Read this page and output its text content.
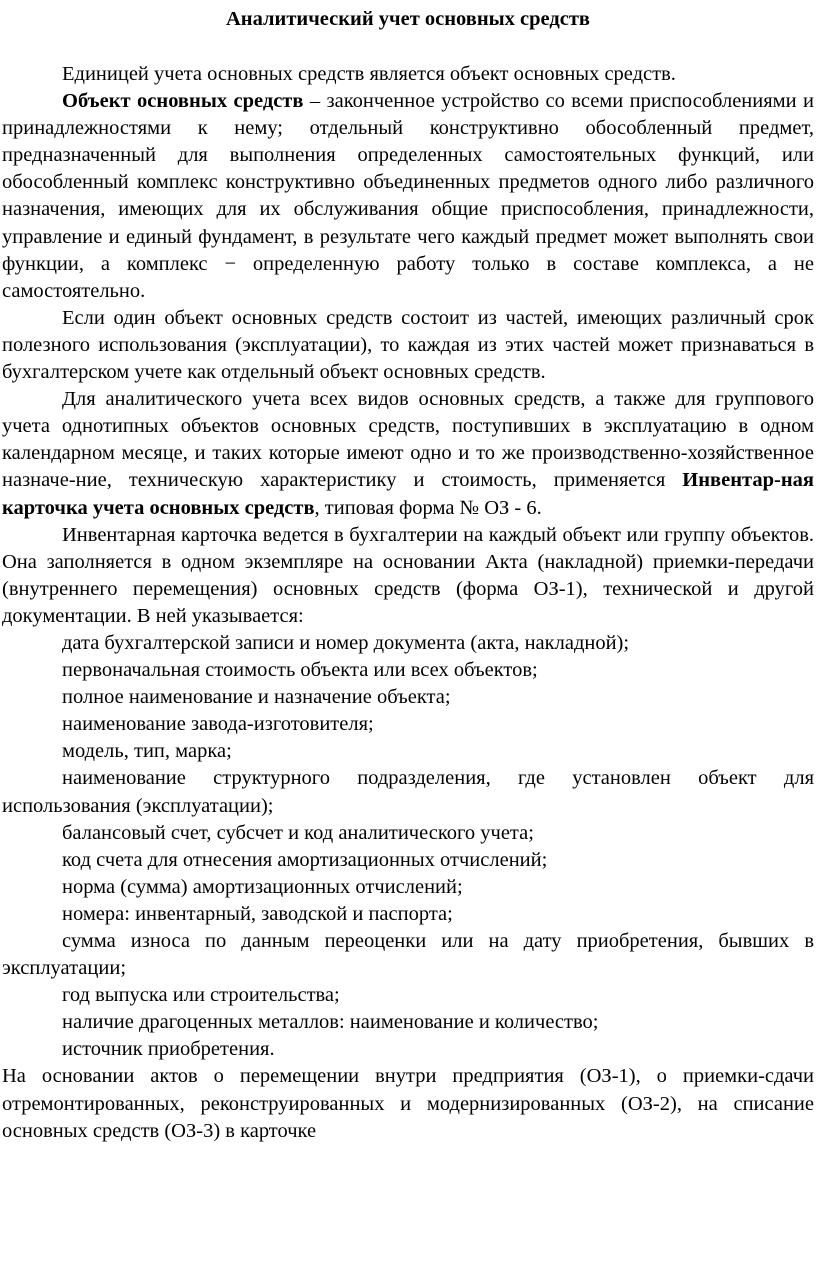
Аналитический учет основных средств

Единицей учета основных средств является объект основных средств.

Объект основных средств – законченное устройство со всеми приспособлениями и принадлежностями к нему; отдельный конструктивно обособленный предмет, предназначенный для выполнения определенных самостоятельных функций, или обособленный комплекс конструктивно объединенных предметов одного либо различного назначения, имеющих для их обслуживания общие приспособления, принадлежности, управление и единый фундамент, в результате чего каждый предмет может выполнять свои функции, а комплекс − определенную работу только в составе комплекса, а не самостоятельно.

Если один объект основных средств состоит из частей, имеющих различный срок полезного использования (эксплуатации), то каждая из этих частей может признаваться в бухгалтерском учете как отдельный объект основных средств.

Для аналитического учета всех видов основных средств, а также для группового учета однотипных объектов основных средств, поступивших в эксплуатацию в одном календарном месяце, и таких которые имеют одно и то же производственно-хозяйственное назначе-ние, техническую характеристику и стоимость, применяется Инвентар-ная карточка учета основных средств, типовая форма № ОЗ - 6.

Инвентарная карточка ведется в бухгалтерии на каждый объект или группу объектов. Она заполняется в одном экземпляре на основании Акта (накладной) приемки-передачи (внутреннего перемещения) основных средств (форма ОЗ-1), технической и другой документации. В ней указывается:

дата бухгалтерской записи и номер документа (акта, накладной);

первоначальная стоимость объекта или всех объектов;

полное наименование и назначение объекта;

наименование завода-изготовителя;

модель, тип, марка;

наименование структурного подразделения, где установлен объект для использования (эксплуатации);

балансовый счет, субсчет и код аналитического учета;

код счета для отнесения амортизационных отчислений;

норма (сумма) амортизационных отчислений;

номера: инвентарный, заводской и паспорта;

сумма износа по данным переоценки или на дату приобретения, бывших в эксплуатации;

год выпуска или строительства;

наличие драгоценных металлов: наименование и количество;

источник приобретения.

На основании актов о перемещении внутри предприятия (ОЗ-1), о приемки-сдачи отремонтированных, реконструированных и модернизированных (ОЗ-2), на списание основных средств (ОЗ-3) в карточке
